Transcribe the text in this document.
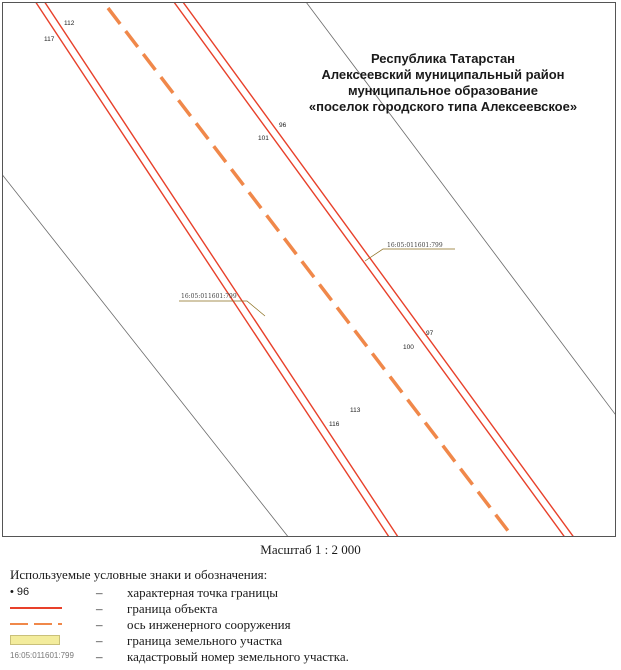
112
117
96
101
97
100
113
116
16:05:011601:799
16:05:011601:799
Республика Татарстан
Алексеевский муниципальный район
муниципальное образование
«поселок городского типа Алексеевское»
Масштаб 1 : 2 000
Используемые условные знаки и обозначения:
• 96	– характерная точка границы
– граница объекта
– ось инженерного сооружения
– граница земельного участка
16:05:011601:799 – кадастровый номер земельного участка.
